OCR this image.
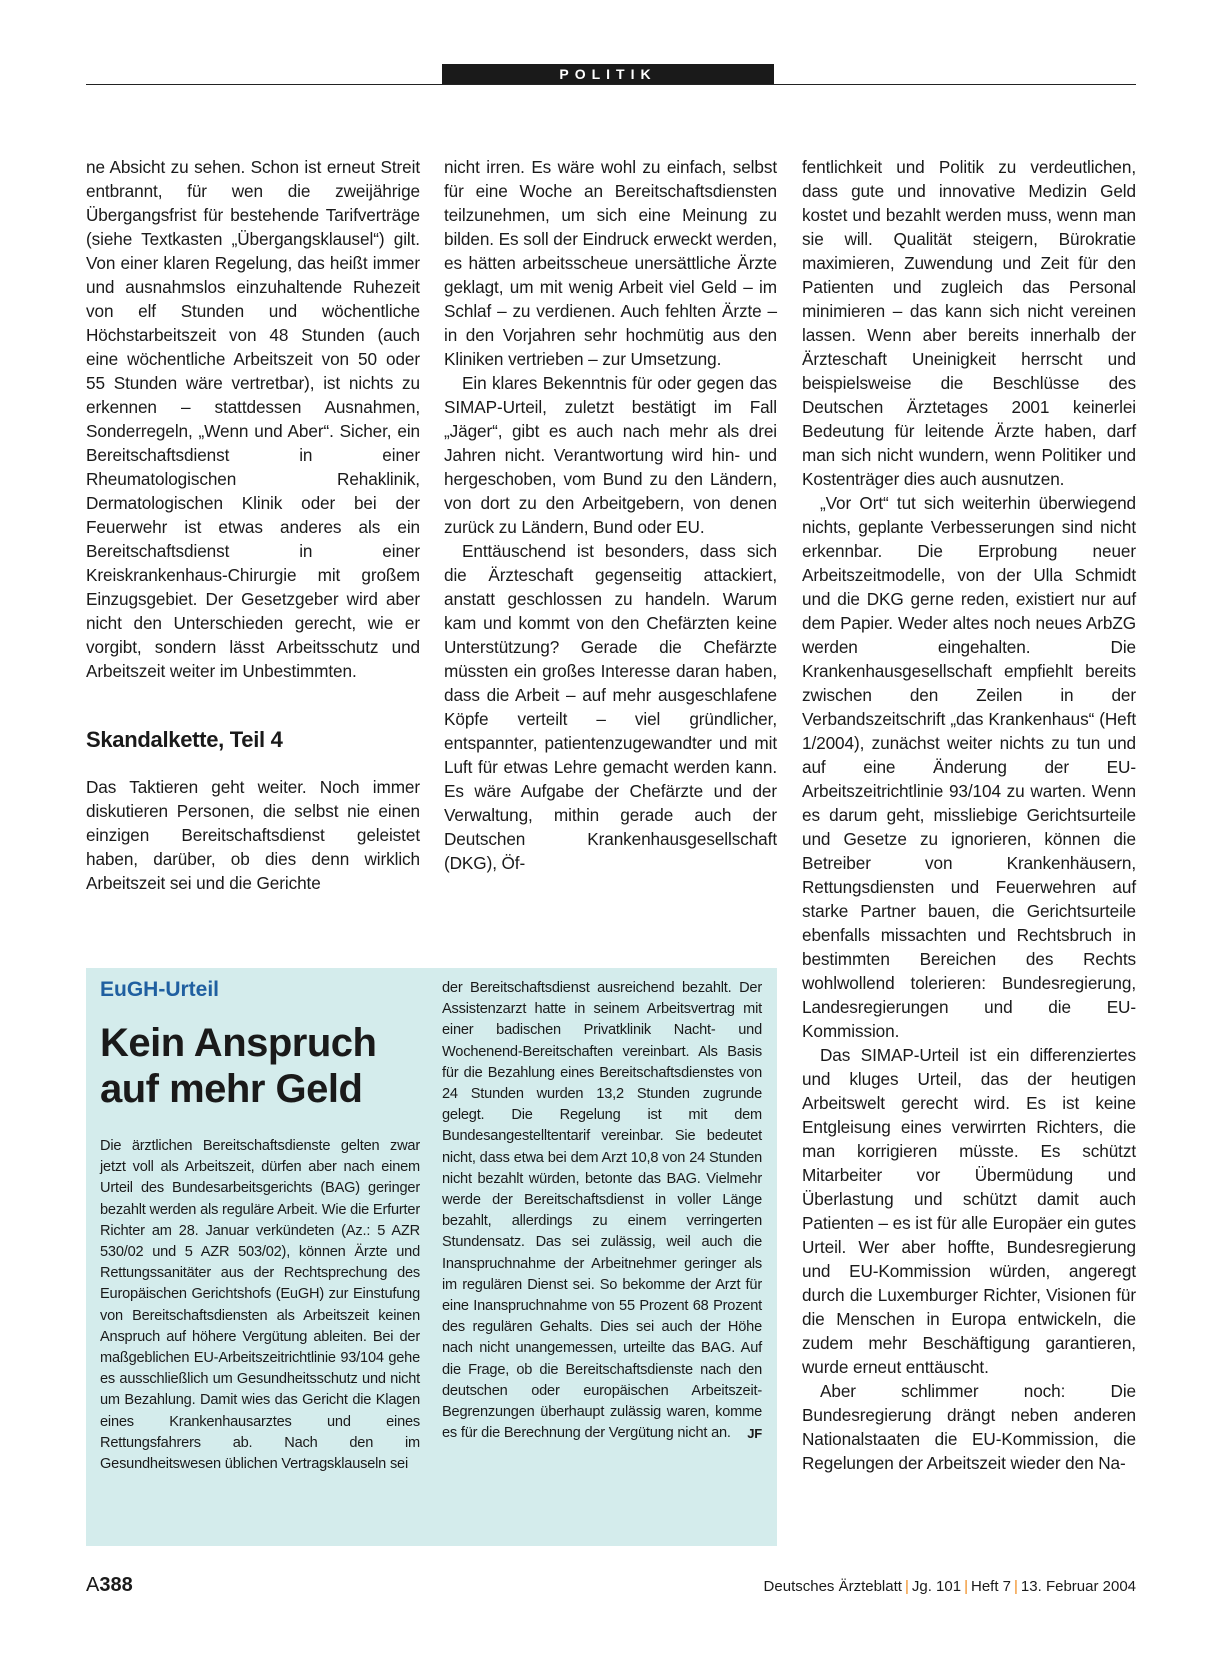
POLITIK

ne Absicht zu sehen. Schon ist erneut Streit entbrannt, für wen die zweijährige Übergangsfrist für bestehende Tarifverträge (siehe Textkasten „Übergangsklausel“) gilt. Von einer klaren Regelung, das heißt immer und ausnahmslos einzuhaltende Ruhezeit von elf Stunden und wöchentliche Höchstarbeitszeit von 48 Stunden (auch eine wöchentliche Arbeitszeit von 50 oder 55 Stunden wäre vertretbar), ist nichts zu erkennen – stattdessen Ausnahmen, Sonderregeln, „Wenn und Aber“. Sicher, ein Bereitschaftsdienst in einer Rheumatologischen Rehaklinik, Dermatologischen Klinik oder bei der Feuerwehr ist etwas anderes als ein Bereitschaftsdienst in einer Kreiskrankenhaus-Chirurgie mit großem Einzugsgebiet. Der Gesetzgeber wird aber nicht den Unterschieden gerecht, wie er vorgibt, sondern lässt Arbeitsschutz und Arbeitszeit weiter im Unbestimmten.

Skandalkette, Teil 4

Das Taktieren geht weiter. Noch immer diskutieren Personen, die selbst nie einen einzigen Bereitschaftsdienst geleistet haben, darüber, ob dies denn wirklich Arbeitszeit sei und die Gerichte

nicht irren. Es wäre wohl zu einfach, selbst für eine Woche an Bereitschaftsdiensten teilzunehmen, um sich eine Meinung zu bilden. Es soll der Eindruck erweckt werden, es hätten arbeitsscheue unersättliche Ärzte geklagt, um mit wenig Arbeit viel Geld – im Schlaf – zu verdienen. Auch fehlten Ärzte – in den Vorjahren sehr hochmütig aus den Kliniken vertrieben – zur Umsetzung.

Ein klares Bekenntnis für oder gegen das SIMAP-Urteil, zuletzt bestätigt im Fall „Jäger“, gibt es auch nach mehr als drei Jahren nicht. Verantwortung wird hin- und hergeschoben, vom Bund zu den Ländern, von dort zu den Arbeitgebern, von denen zurück zu Ländern, Bund oder EU.

Enttäuschend ist besonders, dass sich die Ärzteschaft gegenseitig attackiert, anstatt geschlossen zu handeln. Warum kam und kommt von den Chefärzten keine Unterstützung? Gerade die Chefärzte müssten ein großes Interesse daran haben, dass die Arbeit – auf mehr ausgeschlafene Köpfe verteilt – viel gründlicher, entspannter, patientenzugewandter und mit Luft für etwas Lehre gemacht werden kann. Es wäre Aufgabe der Chefärzte und der Verwaltung, mithin gerade auch der Deutschen Krankenhausgesellschaft (DKG), Öf-

fentlichkeit und Politik zu verdeutlichen, dass gute und innovative Medizin Geld kostet und bezahlt werden muss, wenn man sie will. Qualität steigern, Bürokratie maximieren, Zuwendung und Zeit für den Patienten und zugleich das Personal minimieren – das kann sich nicht vereinen lassen. Wenn aber bereits innerhalb der Ärzteschaft Uneinigkeit herrscht und beispielsweise die Beschlüsse des Deutschen Ärztetages 2001 keinerlei Bedeutung für leitende Ärzte haben, darf man sich nicht wundern, wenn Politiker und Kostenträger dies auch ausnutzen.

„Vor Ort“ tut sich weiterhin überwiegend nichts, geplante Verbesserungen sind nicht erkennbar. Die Erprobung neuer Arbeitszeitmodelle, von der Ulla Schmidt und die DKG gerne reden, existiert nur auf dem Papier. Weder altes noch neues ArbZG werden eingehalten. Die Krankenhausgesellschaft empfiehlt bereits zwischen den Zeilen in der Verbandszeitschrift „das Krankenhaus“ (Heft 1/2004), zunächst weiter nichts zu tun und auf eine Änderung der EU-Arbeitszeitrichtlinie 93/104 zu warten. Wenn es darum geht, missliebige Gerichtsurteile und Gesetze zu ignorieren, können die Betreiber von Krankenhäusern, Rettungsdiensten und Feuerwehren auf starke Partner bauen, die Gerichtsurteile ebenfalls missachten und Rechtsbruch in bestimmten Bereichen des Rechts wohlwollend tolerieren: Bundesregierung, Landesregierungen und die EU-Kommission.

Das SIMAP-Urteil ist ein differenziertes und kluges Urteil, das der heutigen Arbeitswelt gerecht wird. Es ist keine Entgleisung eines verwirrten Richters, die man korrigieren müsste. Es schützt Mitarbeiter vor Übermüdung und Überlastung und schützt damit auch Patienten – es ist für alle Europäer ein gutes Urteil. Wer aber hoffte, Bundesregierung und EU-Kommission würden, angeregt durch die Luxemburger Richter, Visionen für die Menschen in Europa entwickeln, die zudem mehr Beschäftigung garantieren, wurde erneut enttäuscht.

Aber schlimmer noch: Die Bundesregierung drängt neben anderen Nationalstaaten die EU-Kommission, die Regelungen der Arbeitszeit wieder den Na-

EuGH-Urteil
Kein Anspruch auf mehr Geld

Die ärztlichen Bereitschaftsdienste gelten zwar jetzt voll als Arbeitszeit, dürfen aber nach einem Urteil des Bundesarbeitsgerichts (BAG) geringer bezahlt werden als reguläre Arbeit. Wie die Erfurter Richter am 28. Januar verkündeten (Az.: 5 AZR 530/02 und 5 AZR 503/02), können Ärzte und Rettungssanitäter aus der Rechtsprechung des Europäischen Gerichtshofs (EuGH) zur Einstufung von Bereitschaftsdiensten als Arbeitszeit keinen Anspruch auf höhere Vergütung ableiten. Bei der maßgeblichen EU-Arbeitszeitrichtlinie 93/104 gehe es ausschließlich um Gesundheitsschutz und nicht um Bezahlung. Damit wies das Gericht die Klagen eines Krankenhausarztes und eines Rettungsfahrers ab. Nach den im Gesundheitswesen üblichen Vertragsklauseln sei

der Bereitschaftsdienst ausreichend bezahlt. Der Assistenzarzt hatte in seinem Arbeitsvertrag mit einer badischen Privatklinik Nacht- und Wochenend-Bereitschaften vereinbart. Als Basis für die Bezahlung eines Bereitschaftsdienstes von 24 Stunden wurden 13,2 Stunden zugrunde gelegt. Die Regelung ist mit dem Bundesangestelltentarif vereinbar. Sie bedeutet nicht, dass etwa bei dem Arzt 10,8 von 24 Stunden nicht bezahlt würden, betonte das BAG. Vielmehr werde der Bereitschaftsdienst in voller Länge bezahlt, allerdings zu einem verringerten Stundensatz. Das sei zulässig, weil auch die Inanspruchnahme der Arbeitnehmer geringer als im regulären Dienst sei. So bekomme der Arzt für eine Inanspruchnahme von 55 Prozent 68 Prozent des regulären Gehalts. Dies sei auch der Höhe nach nicht unangemessen, urteilte das BAG. Auf die Frage, ob die Bereitschaftsdienste nach den deutschen oder europäischen Arbeitszeit-Begrenzungen überhaupt zulässig waren, komme es für die Berechnung der Vergütung nicht an. JF

A388	Deutsches Ärzteblatt | Jg. 101 | Heft 7 | 13. Februar 2004
